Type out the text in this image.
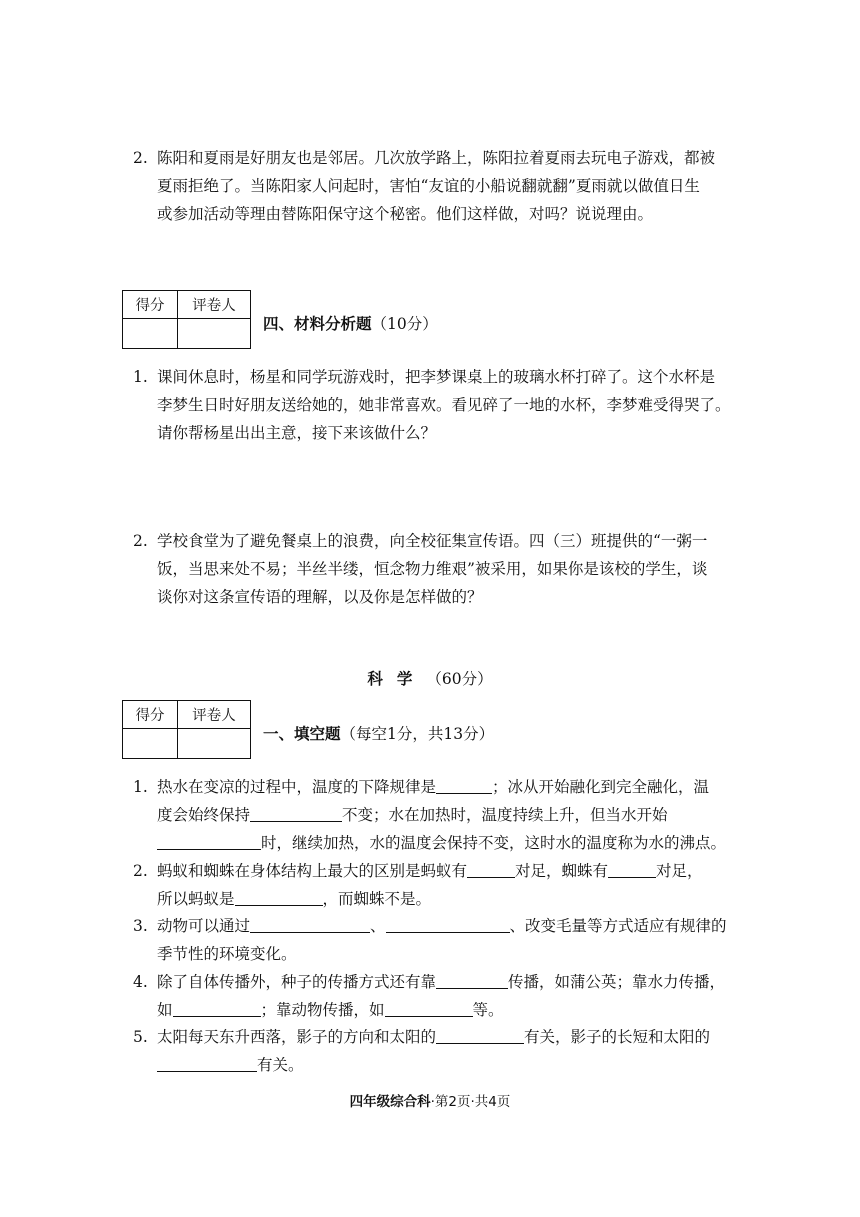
2. 陈阳和夏雨是好朋友也是邻居。几次放学路上，陈阳拉着夏雨去玩电子游戏，都被
夏雨拒绝了。当陈阳家人问起时，害怕“友谊的小船说翻就翻”夏雨就以做值日生
或参加活动等理由替陈阳保守这个秘密。他们这样做，对吗？说说理由。
得分	评卷人

四、材料分析题（10分）
1. 课间休息时，杨星和同学玩游戏时，把李梦课桌上的玻璃水杯打碎了。这个水杯是
李梦生日时好朋友送给她的，她非常喜欢。看见碎了一地的水杯，李梦难受得哭了。
请你帮杨星出出主意，接下来该做什么？
2. 学校食堂为了避免餐桌上的浪费，向全校征集宣传语。四（三）班提供的“一粥一
饭，当思来处不易；半丝半缕，恒念物力维艰”被采用，如果你是该校的学生，谈
谈你对这条宣传语的理解，以及你是怎样做的？
科学（60分）
得分	评卷人

一、填空题（每空1分，共13分）
1. 热水在变凉的过程中，温度的下降规律是	；冰从开始融化到完全融化，温
度会始终保持	不变；水在加热时，温度持续上升，但当水开始
时，继续加热，水的温度会保持不变，这时水的温度称为水的沸点。
2. 蚂蚁和蜘蛛在身体结构上最大的区别是蚂蚁有	对足，蜘蛛有	对足，
所以蚂蚁是	，而蜘蛛不是。
3. 动物可以通过	、	、改变毛量等方式适应有规律的
季节性的环境变化。
4. 除了自体传播外，种子的传播方式还有靠	传播，如蒲公英；靠水力传播，
如	；靠动物传播，如	等。
5. 太阳每天东升西落，影子的方向和太阳的	有关，影子的长短和太阳的
有关。
四年级综合科·第2页·共4页
